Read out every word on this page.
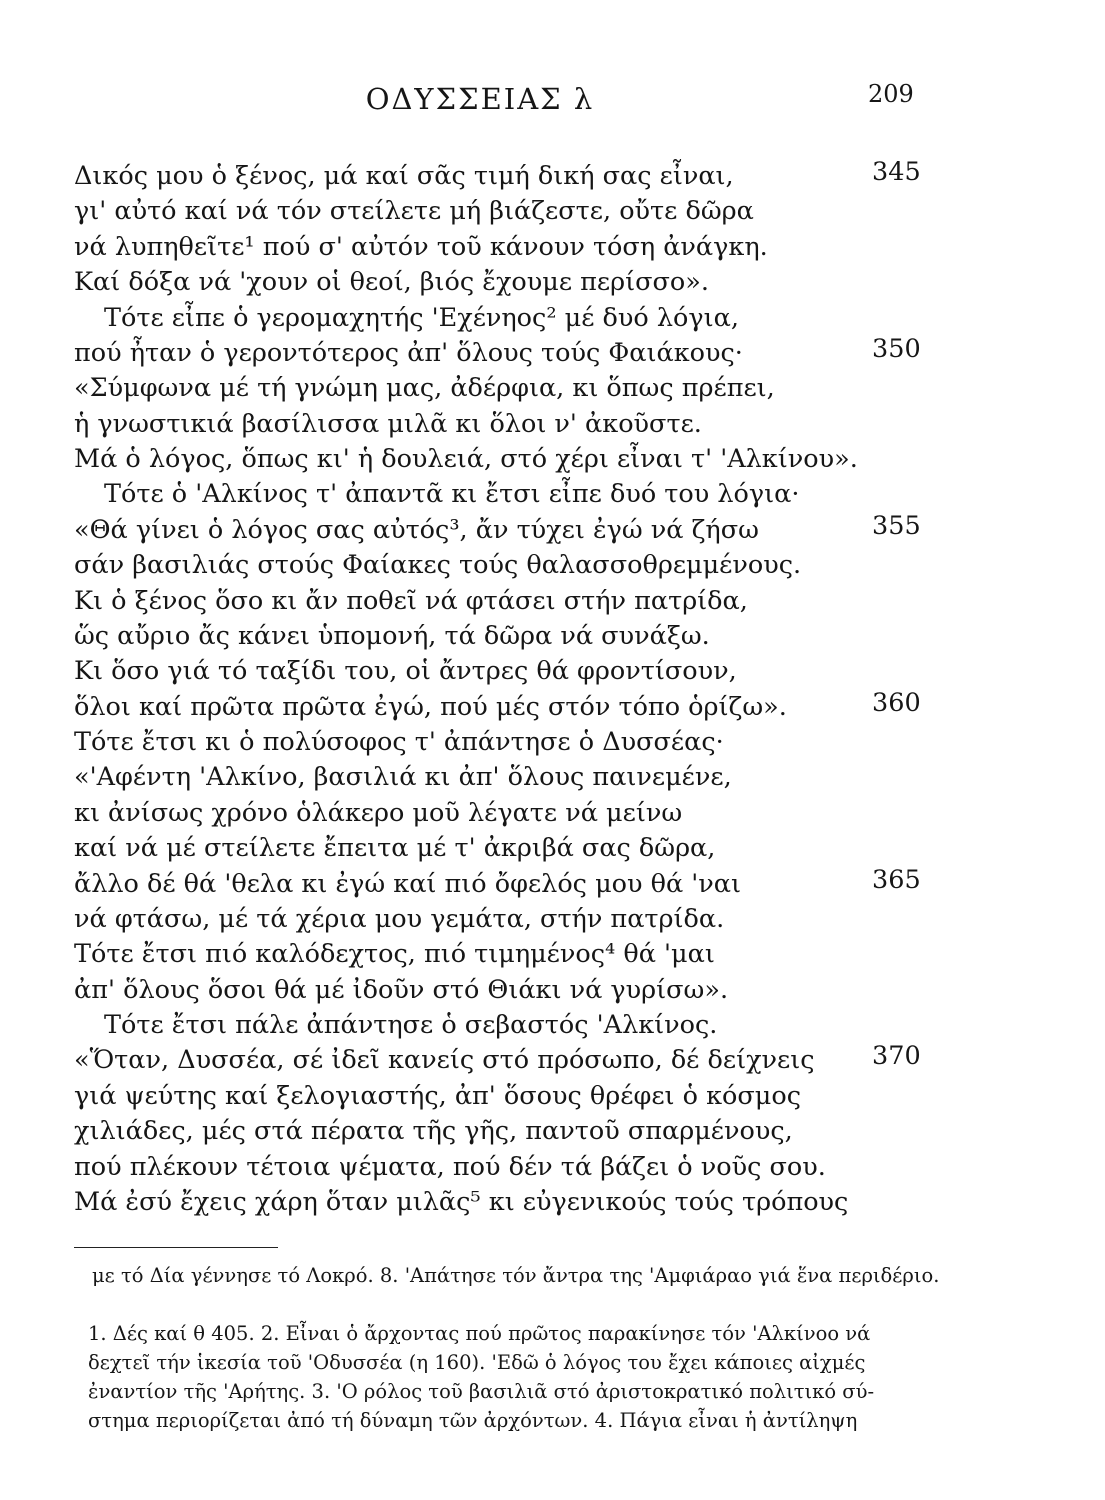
ΟΔΥΣΣΕΙΑΣ λ	209
Δικός μου ὁ ξένος, μά καί σᾶς τιμή δική σας εἶναι,
γι' αὐτό καί νά τόν στείλετε μή βιάζεστε, οὔτε δῶρα
νά λυπηθεῖτε¹ πού σ' αὐτόν τοῦ κάνουν τόση ἀνάγκη.
Καί δόξα νά 'χουν οἱ θεοί, βιός ἔχουμε περίσσο».
Τότε εἶπε ὁ γερομαχητής 'Εχένηος² μέ δυό λόγια,
πού ἦταν ὁ γεροντότερος ἀπ' ὅλους τούς Φαιάκους·
«Σύμφωνα μέ τή γνώμη μας, ἀδέρφια, κι ὅπως πρέπει,
ἡ γνωστικιά βασίλισσα μιλᾶ κι ὅλοι ν' ἀκοῦστε.
Μά ὁ λόγος, ὅπως κι' ἡ δουλειά, στό χέρι εἶναι τ' 'Αλκίνου».
Τότε ὁ 'Αλκίνος τ' ἀπαντᾶ κι ἔτσι εἶπε δυό του λόγια·
«Θά γίνει ὁ λόγος σας αὐτός³, ἄν τύχει ἐγώ νά ζήσω
σάν βασιλιάς στούς Φαίακες τούς θαλασσοθρεμμένους.
Κι ὁ ξένος ὅσο κι ἄν ποθεῖ νά φτάσει στήν πατρίδα,
ὥς αὔριο ἄς κάνει ὑπομονή, τά δῶρα νά συνάξω.
Κι ὅσο γιά τό ταξίδι του, οἱ ἄντρες θά φροντίσουν,
ὅλοι καί πρῶτα πρῶτα ἐγώ, πού μές στόν τόπο ὁρίζω».
Τότε ἔτσι κι ὁ πολύσοφος τ' ἀπάντησε ὁ Δυσσέας·
«'Αφέντη 'Αλκίνο, βασιλιά κι ἀπ' ὅλους παινεμένε,
κι ἀνίσως χρόνο ὁλάκερο μοῦ λέγατε νά μείνω
καί νά μέ στείλετε ἔπειτα μέ τ' ἀκριβά σας δῶρα,
ἄλλο δέ θά 'θελα κι ἐγώ καί πιό ὄφελός μου θά 'ναι
νά φτάσω, μέ τά χέρια μου γεμάτα, στήν πατρίδα.
Τότε ἔτσι πιό καλόδεχτος, πιό τιμημένος⁴ θά 'μαι
ἀπ' ὅλους ὅσοι θά μέ ἰδοῦν στό Θιάκι νά γυρίσω».
Τότε ἔτσι πάλε ἀπάντησε ὁ σεβαστός 'Αλκίνος.
«Ὅταν, Δυσσέα, σέ ἰδεῖ κανείς στό πρόσωπο, δέ δείχνεις
γιά ψεύτης καί ξελογιαστής, ἀπ' ὅσους θρέφει ὁ κόσμος
χιλιάδες, μές στά πέρατα τῆς γῆς, παντοῦ σπαρμένους,
345
350
355
360
365
370
πού πλέκουν τέτοια ψέματα, πού δέν τά βάζει ὁ νοῦς σου.
Μά ἐσύ ἔχεις χάρη ὅταν μιλᾶς⁵ κι εὐγενικούς τούς τρόπους
με τό Δία γέννησε τό Λοκρό. 8. 'Απάτησε τόν ἄντρα της 'Αμφιάραο γιά ἕνα περιδέριο.
1. Δές καί θ 405. 2. Εἶναι ὁ ἄρχοντας πού πρῶτος παρακίνησε τόν 'Αλκίνοο νά
δεχτεῖ τήν ἱκεσία τοῦ 'Οδυσσέα (η 160). 'Εδῶ ὁ λόγος του ἔχει κάποιες αἰχμές
ἐναντίον τῆς 'Αρήτης. 3. 'Ο ρόλος τοῦ βασιλιᾶ στό ἀριστοκρατικό πολιτικό σύ-
στημα περιορίζεται ἀπό τή δύναμη τῶν ἀρχόντων. 4. Πάγια εἶναι ἡ ἀντίληψη
